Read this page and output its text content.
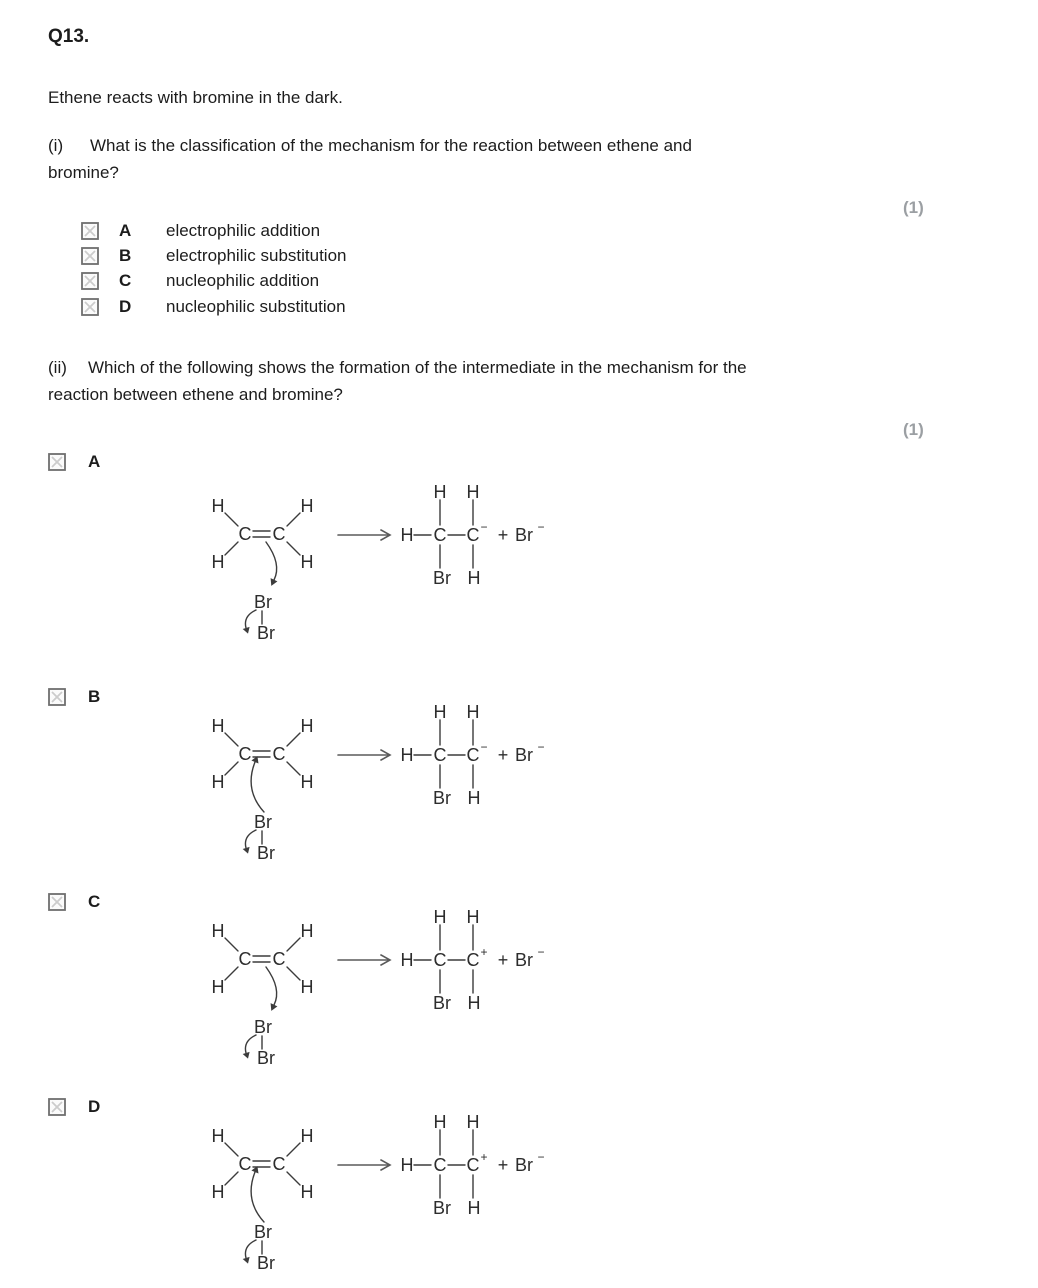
Q13.
Ethene reacts with bromine in the dark.
(i) What is the classification of the mechanism for the reaction between ethene and
bromine?
(1)
A	electrophilic addition
B	electrophilic substitution
C	nucleophilic addition
D	nucleophilic substitution
(ii) Which of the following shows the formation of the intermediate in the mechanism for the
reaction between ethene and bromine?
(1)
A
H	H
C C
H	H
Br
Br
H H
H C C −
Br H
+ Br −
B
H	H
C C
H	H
Br
Br
H H
H C C −
Br H
+ Br −
C
H	H
C C
H	H
Br
Br
H H
H C C +
Br H
+ Br −
D
H	H
C C
H	H
Br
Br
H H
H C C +
Br H
+ Br −
